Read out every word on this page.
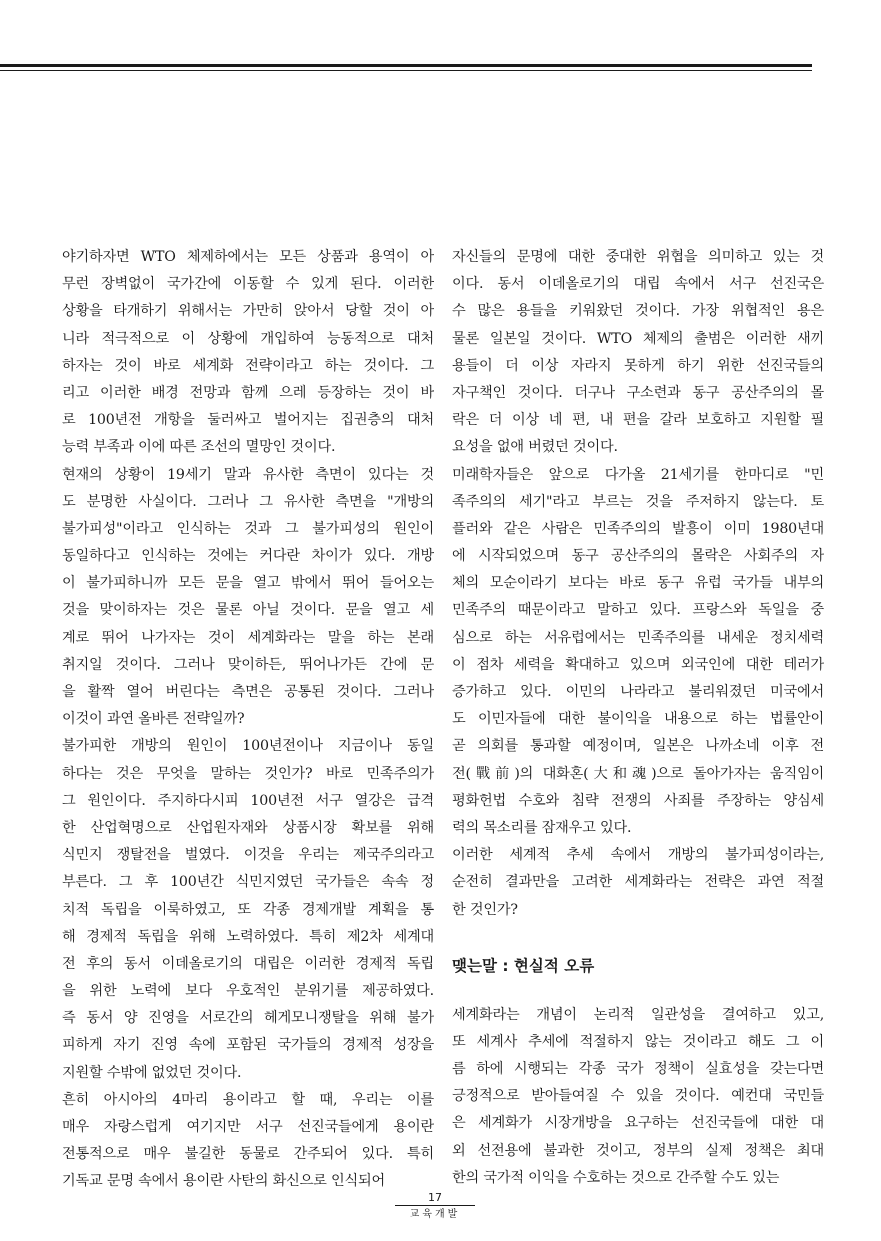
야기하자면 WTO 체제하에서는 모든 상품과 용역이 아
무런 장벽없이 국가간에 이동할 수 있게 된다. 이러한
상황을 타개하기 위해서는 가만히 앉아서 당할 것이 아
니라 적극적으로 이 상황에 개입하여 능동적으로 대처
하자는 것이 바로 세계화 전략이라고 하는 것이다. 그
리고 이러한 배경 전망과 함께 으레 등장하는 것이 바
로 100년전 개항을 둘러싸고 벌어지는 집권층의 대처
능력 부족과 이에 따른 조선의 멸망인 것이다.
현재의 상황이 19세기 말과 유사한 측면이 있다는 것
도 분명한 사실이다. 그러나 그 유사한 측면을 "개방의
불가피성"이라고 인식하는 것과 그 불가피성의 원인이
동일하다고 인식하는 것에는 커다란 차이가 있다. 개방
이 불가피하니까 모든 문을 열고 밖에서 뛰어 들어오는
것을 맞이하자는 것은 물론 아닐 것이다. 문을 열고 세
계로 뛰어 나가자는 것이 세계화라는 말을 하는 본래
취지일 것이다. 그러나 맞이하든, 뛰어나가든 간에 문
을 활짝 열어 버린다는 측면은 공통된 것이다. 그러나
이것이 과연 올바른 전략일까?
불가피한 개방의 원인이 100년전이나 지금이나 동일
하다는 것은 무엇을 말하는 것인가? 바로 민족주의가
그 원인이다. 주지하다시피 100년전 서구 열강은 급격
한 산업혁명으로 산업원자재와 상품시장 확보를 위해
식민지 쟁탈전을 벌였다. 이것을 우리는 제국주의라고
부른다. 그 후 100년간 식민지였던 국가들은 속속 정
치적 독립을 이룩하였고, 또 각종 경제개발 계획을 통
해 경제적 독립을 위해 노력하였다. 특히 제2차 세계대
전 후의 동서 이데올로기의 대립은 이러한 경제적 독립
을 위한 노력에 보다 우호적인 분위기를 제공하였다.
즉 동서 양 진영을 서로간의 헤게모니쟁탈을 위해 불가
피하게 자기 진영 속에 포함된 국가들의 경제적 성장을
지원할 수밖에 없었던 것이다.
흔히 아시아의 4마리 용이라고 할 때, 우리는 이를
매우 자랑스럽게 여기지만 서구 선진국들에게 용이란
전통적으로 매우 불길한 동물로 간주되어 있다. 특히
기독교 문명 속에서 용이란 사탄의 화신으로 인식되어
자신들의 문명에 대한 중대한 위협을 의미하고 있는 것
이다. 동서 이데올로기의 대립 속에서 서구 선진국은
수 많은 용들을 키워왔던 것이다. 가장 위협적인 용은
물론 일본일 것이다. WTO 체제의 출범은 이러한 새끼
용들이 더 이상 자라지 못하게 하기 위한 선진국들의
자구책인 것이다. 더구나 구소련과 동구 공산주의의 몰
락은 더 이상 네 편, 내 편을 갈라 보호하고 지원할 필
요성을 없애 버렸던 것이다.
미래학자들은 앞으로 다가올 21세기를 한마디로 "민
족주의의 세기"라고 부르는 것을 주저하지 않는다. 토
플러와 같은 사람은 민족주의의 발흥이 이미 1980년대
에 시작되었으며 동구 공산주의의 몰락은 사회주의 자
체의 모순이라기 보다는 바로 동구 유럽 국가들 내부의
민족주의 때문이라고 말하고 있다. 프랑스와 독일을 중
심으로 하는 서유럽에서는 민족주의를 내세운 정치세력
이 점차 세력을 확대하고 있으며 외국인에 대한 테러가
증가하고 있다. 이민의 나라라고 불리워졌던 미국에서
도 이민자들에 대한 불이익을 내용으로 하는 법률안이
곧 의회를 통과할 예정이며, 일본은 나까소네 이후 전
전(戰前)의 대화혼(大和魂)으로 돌아가자는 움직임이
평화헌법 수호와 침략 전쟁의 사죄를 주장하는 양심세
력의 목소리를 잠재우고 있다.
이러한 세계적 추세 속에서 개방의 불가피성이라는,
순전히 결과만을 고려한 세계화라는 전략은 과연 적절
한 것인가?
맺는말 : 현실적 오류
세계화라는 개념이 논리적 일관성을 결여하고 있고,
또 세계사 추세에 적절하지 않는 것이라고 해도 그 이
름 하에 시행되는 각종 국가 정책이 실효성을 갖는다면
긍정적으로 받아들여질 수 있을 것이다. 예컨대 국민들
은 세계화가 시장개방을 요구하는 선진국들에 대한 대
외 선전용에 불과한 것이고, 정부의 실제 정책은 최대
한의 국가적 이익을 수호하는 것으로 간주할 수도 있는
17
교육개발
